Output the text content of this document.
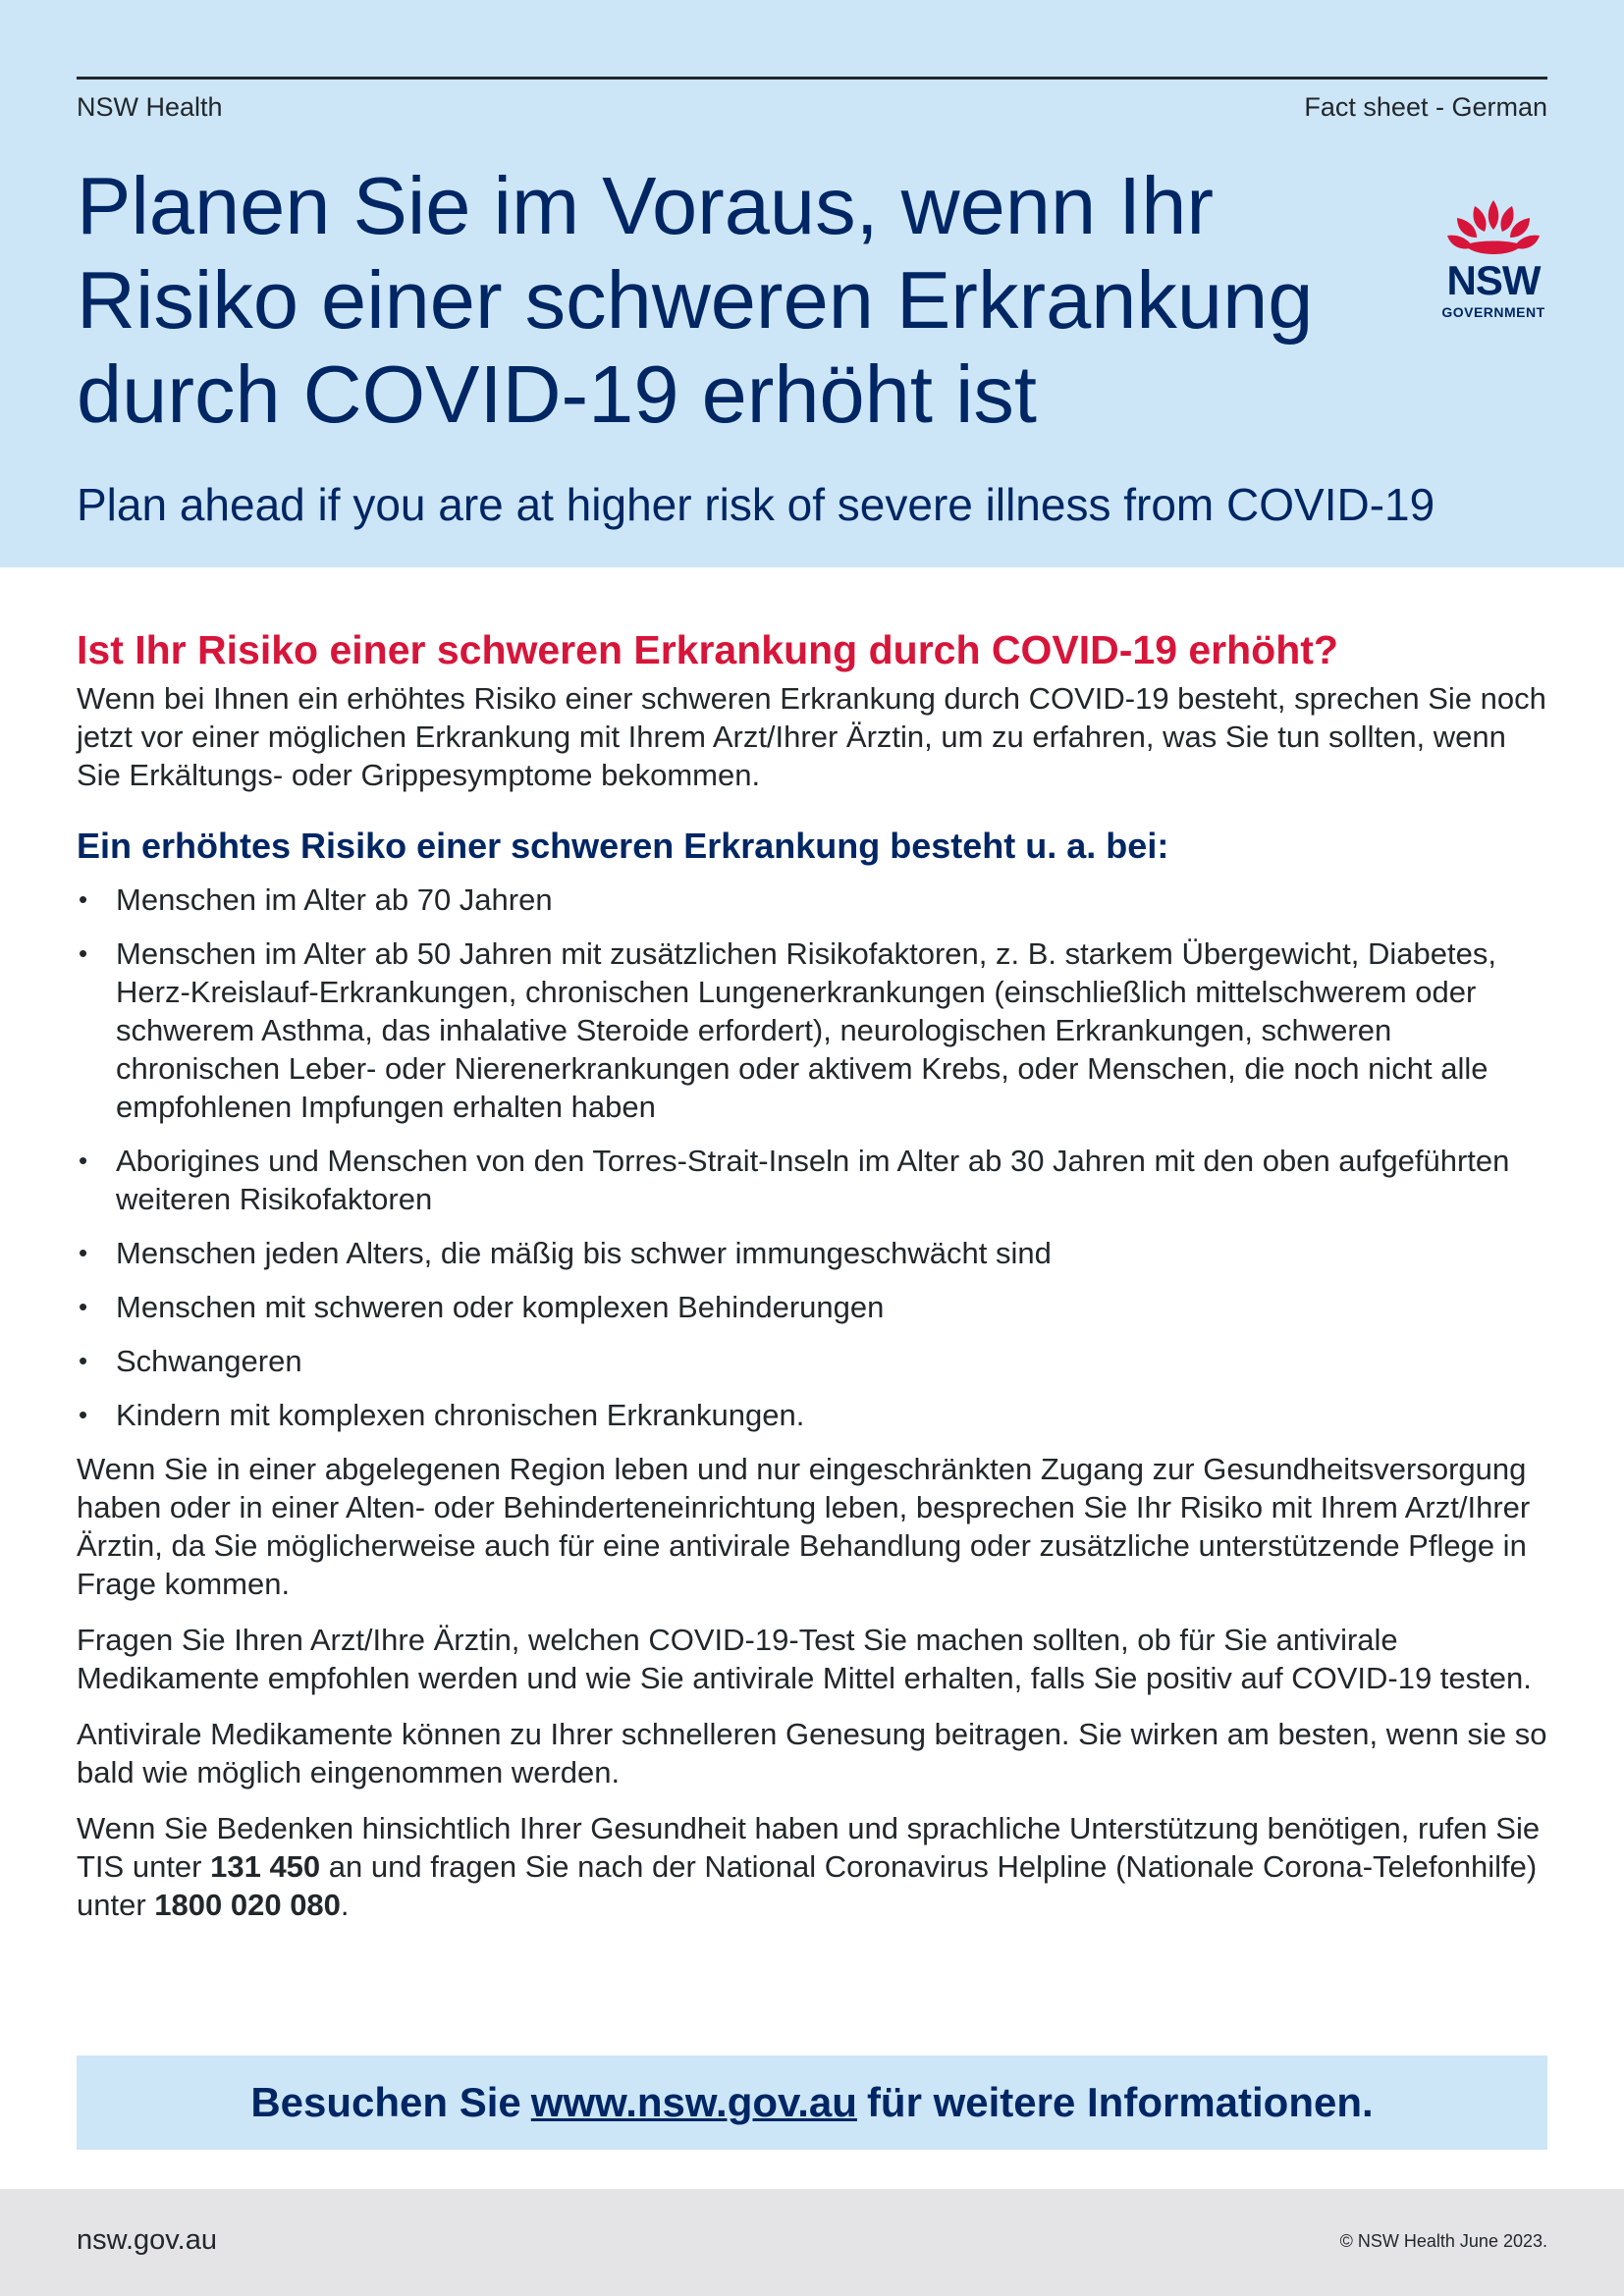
NSW Health	Fact sheet - German
Planen Sie im Voraus, wenn Ihr Risiko einer schweren Erkrankung durch COVID-19 erhöht ist
Plan ahead if you are at higher risk of severe illness from COVID-19
NSW
GOVERNMENT
Ist Ihr Risiko einer schweren Erkrankung durch COVID-19 erhöht?

Wenn bei Ihnen ein erhöhtes Risiko einer schweren Erkrankung durch COVID-19 besteht, sprechen Sie noch jetzt vor einer möglichen Erkrankung mit Ihrem Arzt/Ihrer Ärztin, um zu erfahren, was Sie tun sollten, wenn Sie Erkältungs- oder Grippesymptome bekommen.

Ein erhöhtes Risiko einer schweren Erkrankung besteht u. a. bei:
• Menschen im Alter ab 70 Jahren
• Menschen im Alter ab 50 Jahren mit zusätzlichen Risikofaktoren, z. B. starkem Übergewicht, Diabetes, Herz-Kreislauf-Erkrankungen, chronischen Lungenerkrankungen (einschließlich mittelschwerem oder schwerem Asthma, das inhalative Steroide erfordert), neurologischen Erkrankungen, schweren chronischen Leber- oder Nierenerkrankungen oder aktivem Krebs, oder Menschen, die noch nicht alle empfohlenen Impfungen erhalten haben
• Aborigines und Menschen von den Torres-Strait-Inseln im Alter ab 30 Jahren mit den oben aufgeführten weiteren Risikofaktoren
• Menschen jeden Alters, die mäßig bis schwer immungeschwächt sind
• Menschen mit schweren oder komplexen Behinderungen
• Schwangeren
• Kindern mit komplexen chronischen Erkrankungen.

Wenn Sie in einer abgelegenen Region leben und nur eingeschränkten Zugang zur Gesundheitsversorgung haben oder in einer Alten- oder Behinderteneinrichtung leben, besprechen Sie Ihr Risiko mit Ihrem Arzt/Ihrer Ärztin, da Sie möglicherweise auch für eine antivirale Behandlung oder zusätzliche unterstützende Pflege in Frage kommen.

Fragen Sie Ihren Arzt/Ihre Ärztin, welchen COVID-19-Test Sie machen sollten, ob für Sie antivirale Medikamente empfohlen werden und wie Sie antivirale Mittel erhalten, falls Sie positiv auf COVID-19 testen.

Antivirale Medikamente können zu Ihrer schnelleren Genesung beitragen. Sie wirken am besten, wenn sie so bald wie möglich eingenommen werden.

Wenn Sie Bedenken hinsichtlich Ihrer Gesundheit haben und sprachliche Unterstützung benötigen, rufen Sie TIS unter 131 450 an und fragen Sie nach der National Coronavirus Helpline (Nationale Corona-Telefonhilfe) unter 1800 020 080.

Besuchen Sie www.nsw.gov.au für weitere Informationen.
nsw.gov.au	© NSW Health June 2023.
